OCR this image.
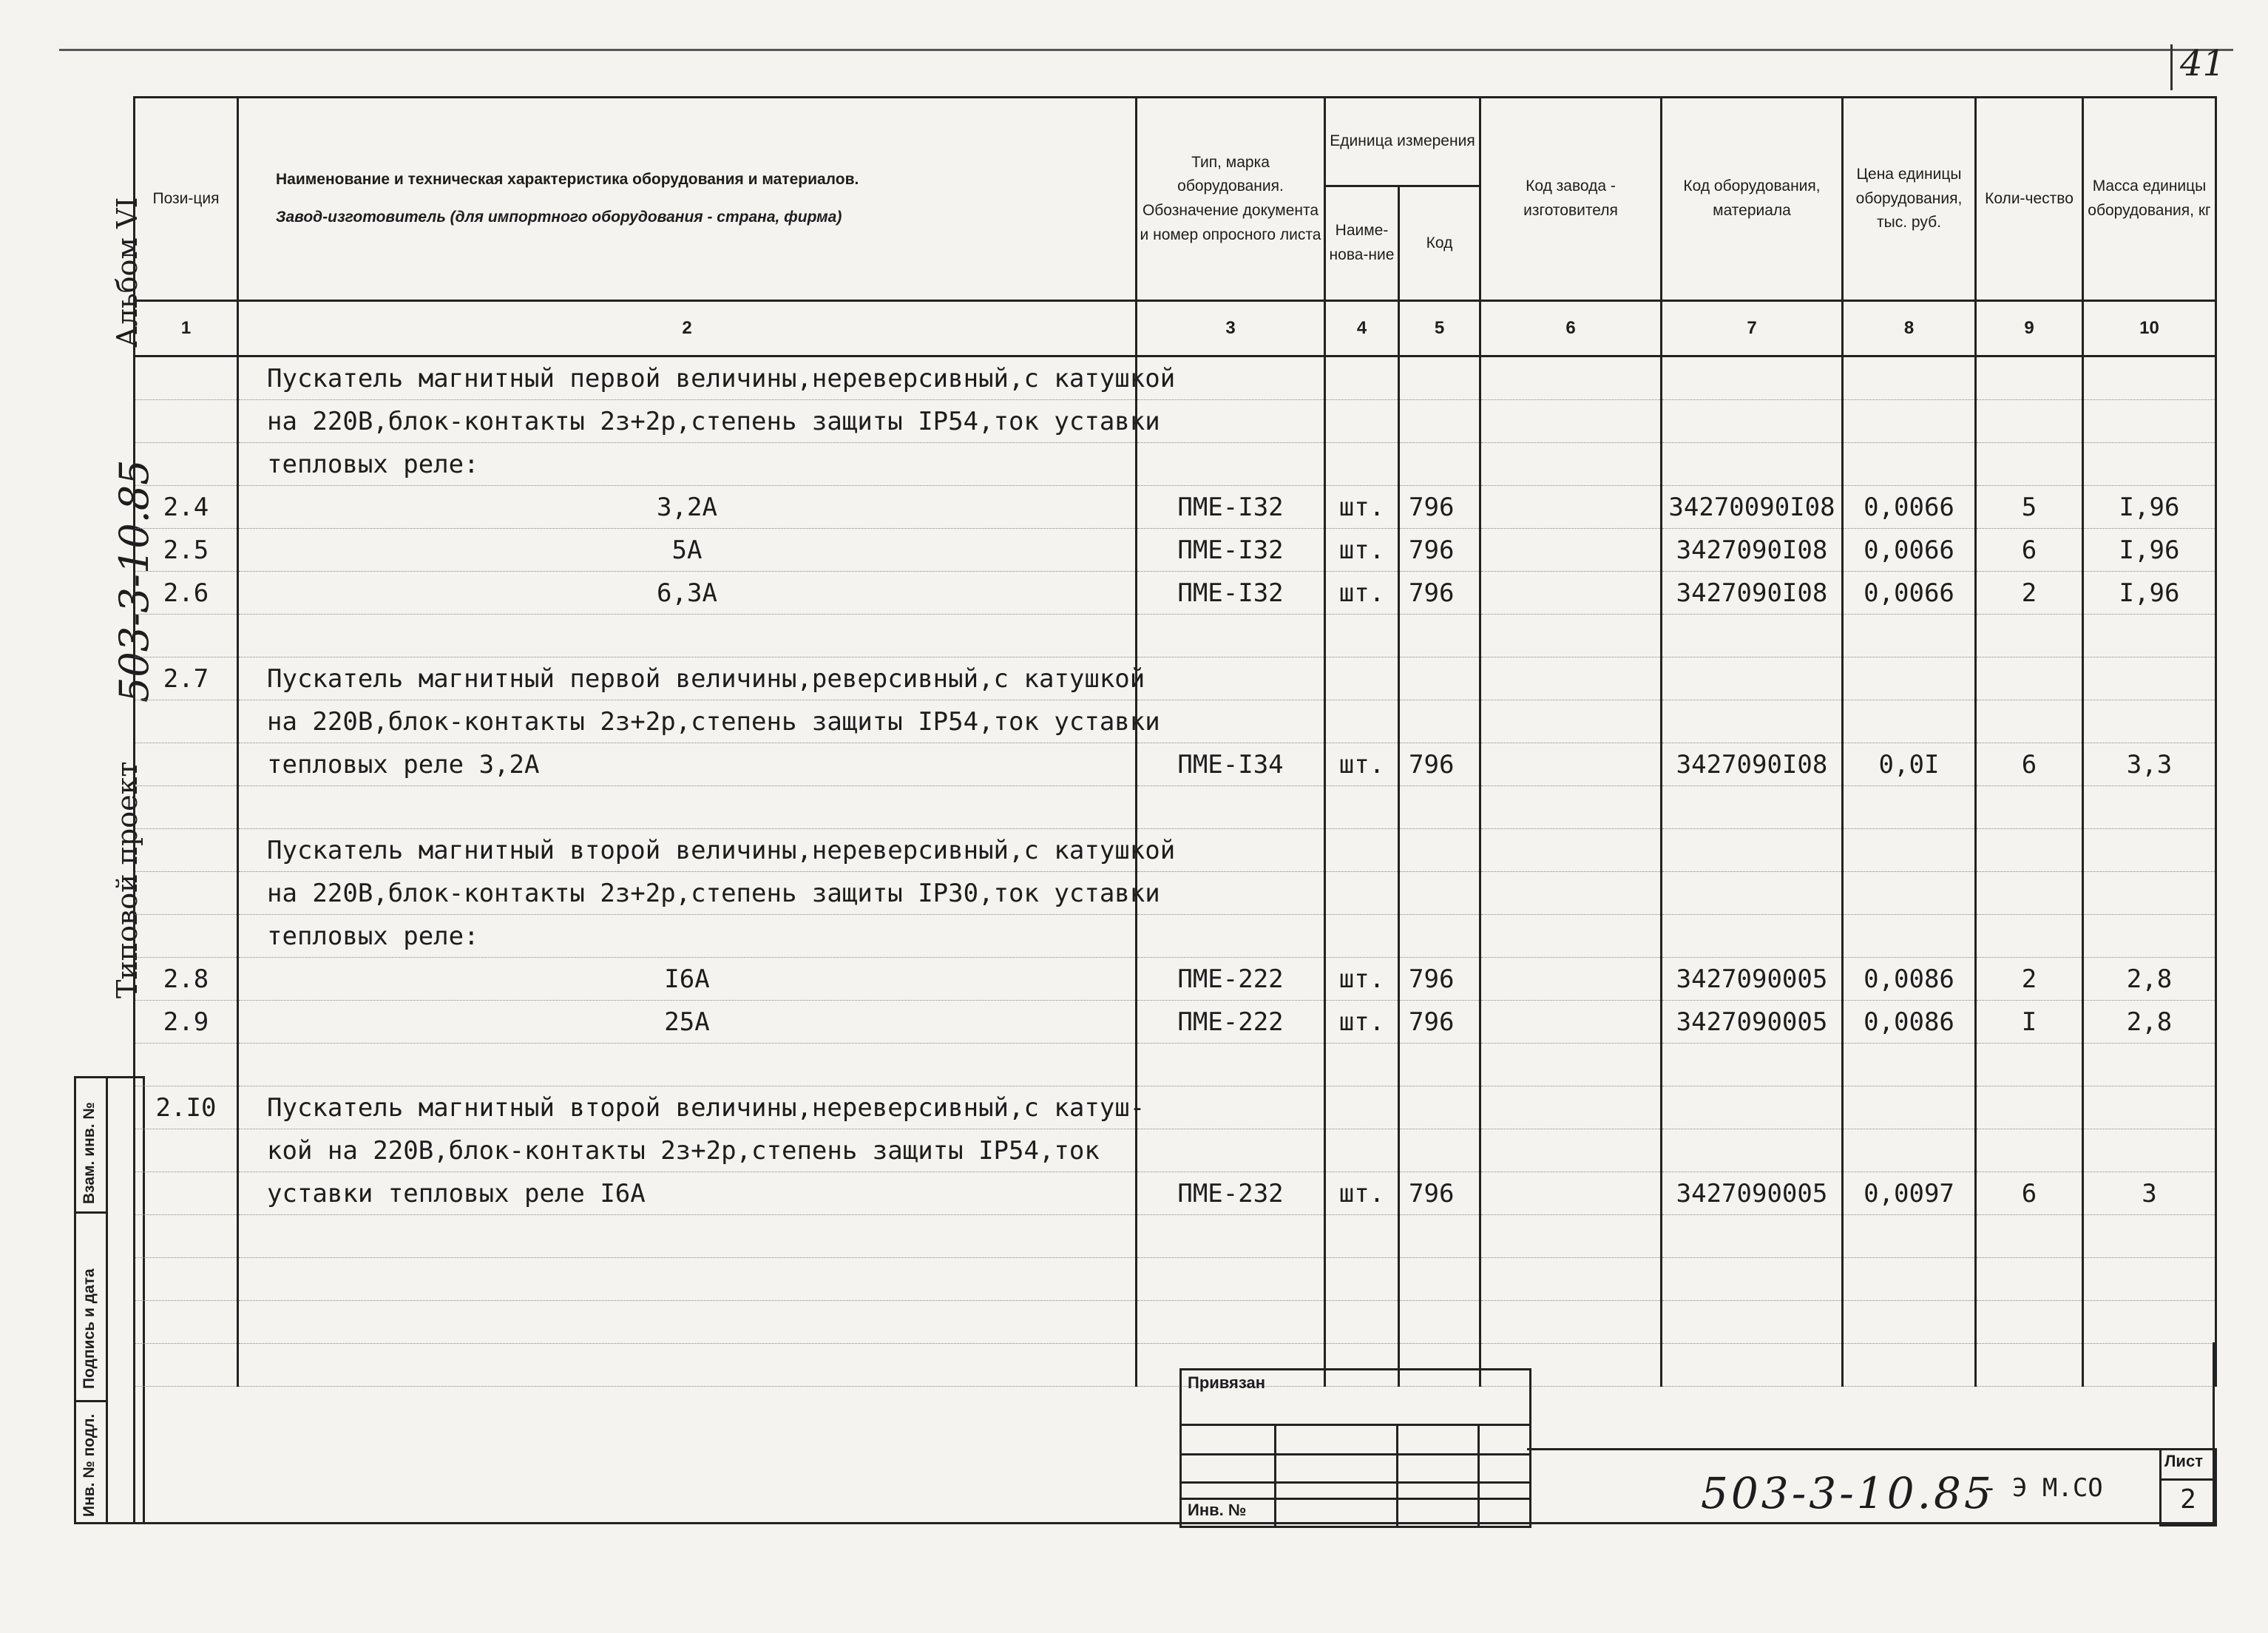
41
Альбом VI
503-3-10.85
Типовой проект
Взам. инв. №
Подпись и дата
Инв. № подл.
Пози-ция	Наименование и техническая характеристика оборудования и материалов.
Завод-изготовитель (для импортного оборудования - страна, фирма)	Тип, марка оборудования. Обозначение документа и номер опросного листа	Единица измерения		Код завода - изготовителя	Код оборудования, материала	Цена единицы оборудования, тыс. руб.	Коли-чество	Масса единицы оборудования, кг
			Наиме-нова-ние	Код					
1	2	3	4	5	6	7	8	9	10
	Пускатель магнитный первой величины,нереверсивный,с катушкой								
	на 220В,блок-контакты 2з+2р,степень защиты IP54,ток уставки								
	тепловых реле:								
2.4	3,2А	ПМЕ-I32	шт.	796		34270090I08	0,0066	5	I,96
2.5	5А	ПМЕ-I32	шт.	796		3427090I08	0,0066	6	I,96
2.6	6,3А	ПМЕ-I32	шт.	796		3427090I08	0,0066	2	I,96

2.7	Пускатель магнитный первой величины,реверсивный,с катушкой								
	на 220В,блок-контакты 2з+2р,степень защиты IP54,ток уставки								
	тепловых реле 3,2А	ПМЕ-I34	шт.	796		3427090I08	0,0I	6	3,3

	Пускатель магнитный второй величины,нереверсивный,с катушкой								
	на 220В,блок-контакты 2з+2р,степень защиты IP30,ток уставки								
	тепловых реле:								
2.8	I6А	ПМЕ-222	шт.	796		3427090005	0,0086	2	2,8
2.9	25А	ПМЕ-222	шт.	796		3427090005	0,0086	I	2,8

2.I0	Пускатель магнитный второй величины,нереверсивный,с катуш-								
	кой на 220В,блок-контакты 2з+2р,степень защиты IP54,ток								
	уставки тепловых реле I6А	ПМЕ-232	шт.	796		3427090005	0,0097	6	3

Привязан
Инв. №	503-3-10.85
- Э М.СО
Лист
2
